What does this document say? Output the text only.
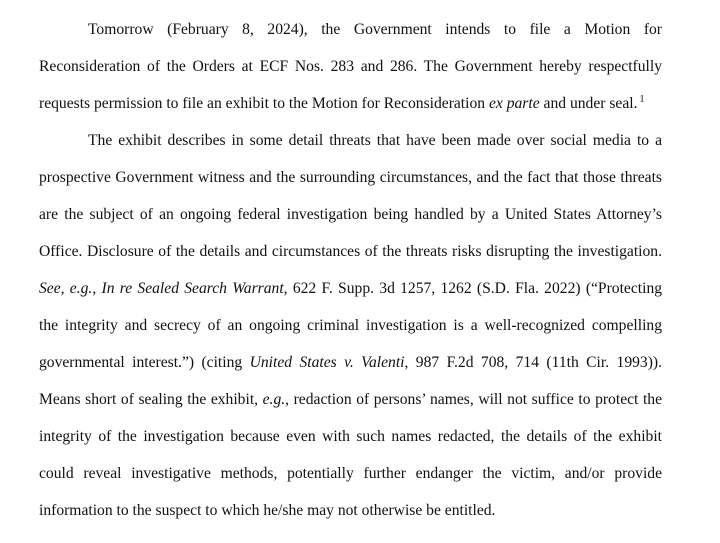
Tomorrow (February 8, 2024), the Government intends to file a Motion for
Reconsideration of the Orders at ECF Nos. 283 and 286. The Government hereby respectfully
requests permission to file an exhibit to the Motion for Reconsideration ex parte and under seal. $^1$
The exhibit describes in some detail threats that have been made over social media to a
prospective Government witness and the surrounding circumstances, and the fact that those threats
are the subject of an ongoing federal investigation being handled by a United States Attorney’s
Office. Disclosure of the details and circumstances of the threats risks disrupting the investigation.
See, e.g., In re Sealed Search Warrant, 622 F. Supp. 3d 1257, 1262 (S.D. Fla. 2022) (“Protecting
the integrity and secrecy of an ongoing criminal investigation is a well-recognized compelling
governmental interest.”) (citing United States v. Valenti, 987 F.2d 708, 714 (11th Cir. 1993)).
Means short of sealing the exhibit, e.g., redaction of persons’ names, will not suffice to protect the
integrity of the investigation because even with such names redacted, the details of the exhibit
could reveal investigative methods, potentially further endanger the victim, and/or provide
information to the suspect to which he/she may not otherwise be entitled.
